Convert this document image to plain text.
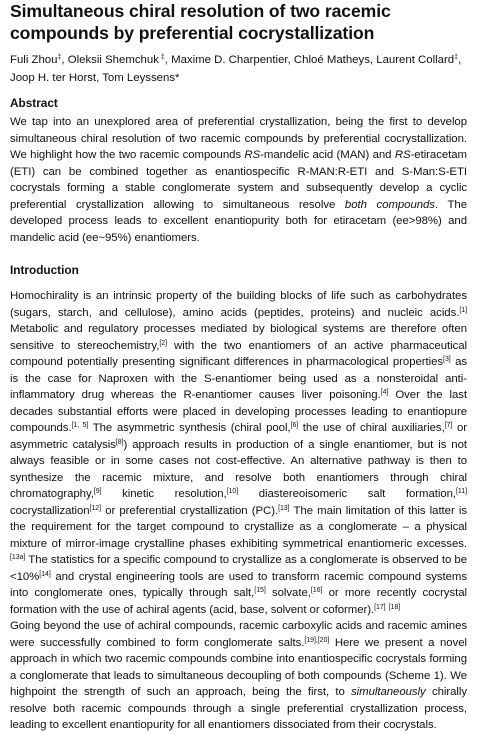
Simultaneous chiral resolution of two racemic compounds by preferential cocrystallization
Fuli Zhou‡, Oleksii Shemchuk ‡, Maxime D. Charpentier, Chloé Matheys, Laurent Collard‡, Joop H. ter Horst, Tom Leyssens*
Abstract

We tap into an unexplored area of preferential crystallization, being the first to develop simultaneous chiral resolution of two racemic compounds by preferential cocrystallization. We highlight how the two racemic compounds RS-mandelic acid (MAN) and RS-etiracetam (ETI) can be combined together as enantiospecific R-MAN:R-ETI and S-Man:S-ETI cocrystals forming a stable conglomerate system and subsequently develop a cyclic preferential crystallization allowing to simultaneous resolve both compounds. The developed process leads to excellent enantiopurity both for etiracetam (ee>98%) and mandelic acid (ee~95%) enantiomers.

Introduction

Homochirality is an intrinsic property of the building blocks of life such as carbohydrates (sugars, starch, and cellulose), amino acids (peptides, proteins) and nucleic acids.[1] Metabolic and regulatory processes mediated by biological systems are therefore often sensitive to stereochemistry,[2] with the two enantiomers of an active pharmaceutical compound potentially presenting significant differences in pharmacological properties[3] as is the case for Naproxen with the S-enantiomer being used as a nonsteroidal anti-inflammatory drug whereas the R-enantiomer causes liver poisoning.[4] Over the last decades substantial efforts were placed in developing processes leading to enantiopure compounds.[1, 5] The asymmetric synthesis (chiral pool,[6] the use of chiral auxiliaries,[7] or asymmetric catalysis[8]) approach results in production of a single enantiomer, but is not always feasible or in some cases not cost-effective. An alternative pathway is then to synthesize the racemic mixture, and resolve both enantiomers through chiral chromatography,[9] kinetic resolution,[10] diastereoisomeric salt formation,[11] cocrystallization[12] or preferential crystallization (PC).[13] The main limitation of this latter is the requirement for the target compound to crystallize as a conglomerate – a physical mixture of mirror-image crystalline phases exhibiting symmetrical enantiomeric excesses.[13a] The statistics for a specific compound to crystallize as a conglomerate is observed to be <10%[14] and crystal engineering tools are used to transform racemic compound systems into conglomerate ones, typically through salt,[15] solvate,[16] or more recently cocrystal formation with the use of achiral agents (acid, base, solvent or coformer).[17] [18]

Going beyond the use of achiral compounds, racemic carboxylic acids and racemic amines were successfully combined to form conglomerate salts.[19],[20] Here we present a novel approach in which two racemic compounds combine into enantiospecific cocrystals forming a conglomerate that leads to simultaneous decoupling of both compounds (Scheme 1). We highpoint the strength of such an approach, being the first, to simultaneously chirally resolve both racemic compounds through a single preferential crystallization process, leading to excellent enantiopurity for all enantiomers dissociated from their cocrystals.
